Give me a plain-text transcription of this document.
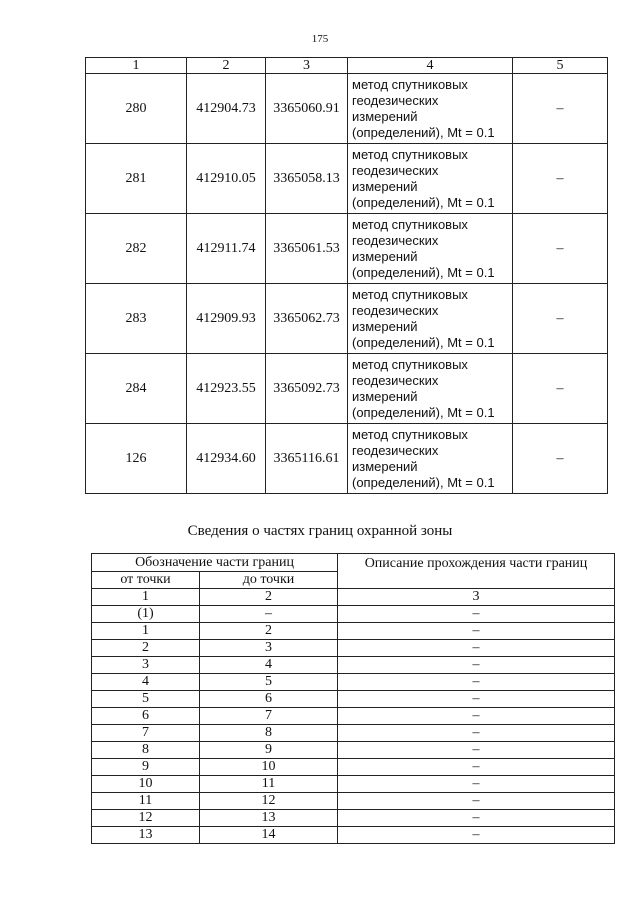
175
1	2	3	4	5
280	412904.73	3365060.91	метод спутниковых
геодезических
измерений
(определений), Mt = 0.1	–
281	412910.05	3365058.13	метод спутниковых
геодезических
измерений
(определений), Mt = 0.1	–
282	412911.74	3365061.53	метод спутниковых
геодезических
измерений
(определений), Mt = 0.1	–
283	412909.93	3365062.73	метод спутниковых
геодезических
измерений
(определений), Mt = 0.1	–
284	412923.55	3365092.73	метод спутниковых
геодезических
измерений
(определений), Mt = 0.1	–
126	412934.60	3365116.61	метод спутниковых
геодезических
измерений
(определений), Mt = 0.1	–
Сведения о частях границ охранной зоны
Обозначение части границ		Описание прохождения части границ
от точки	до точки	
1	2	3
(1)	–	–
1	2	–
2	3	–
3	4	–
4	5	–
5	6	–
6	7	–
7	8	–
8	9	–
9	10	–
10	11	–
11	12	–
12	13	–
13	14	–
